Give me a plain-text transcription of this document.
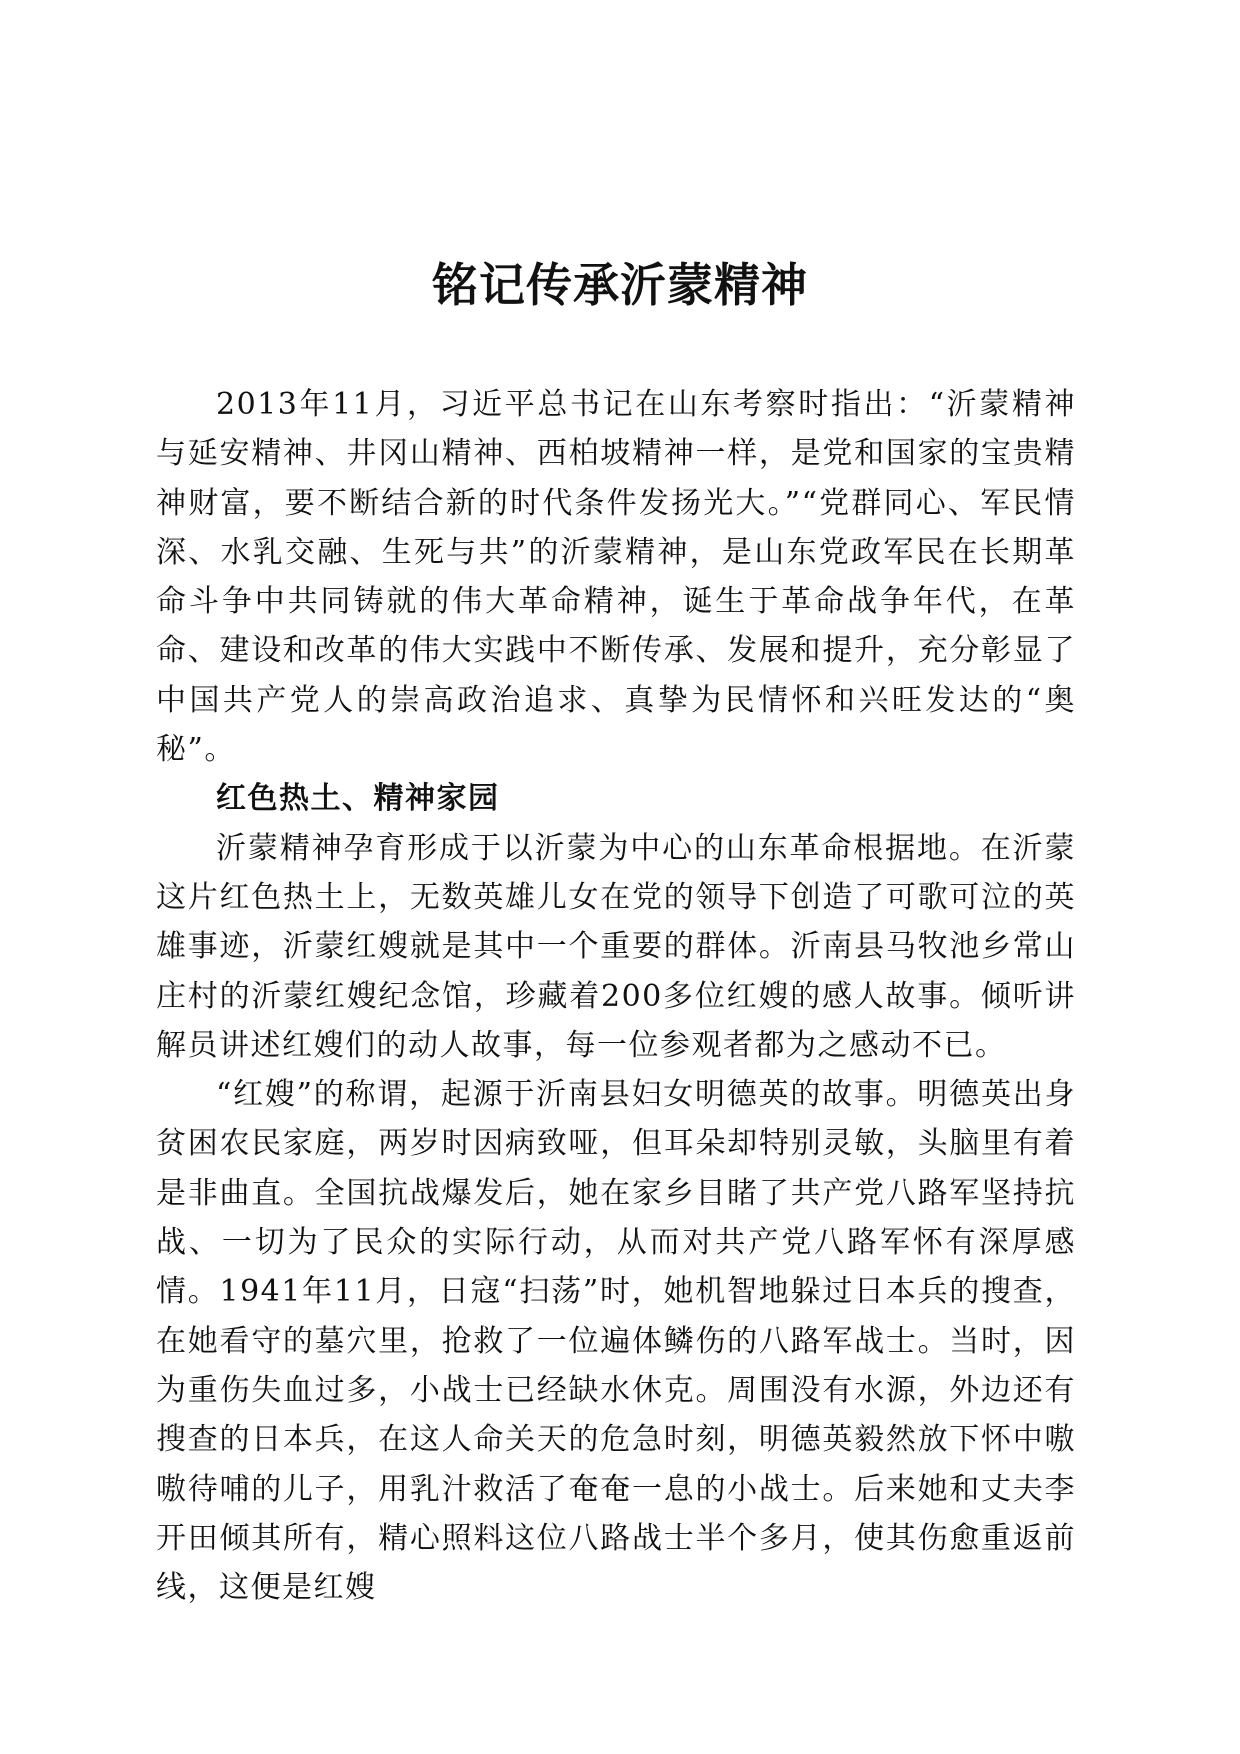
铭记传承沂蒙精神

2013年11月，习近平总书记在山东考察时指出：“沂蒙精神与延安精神、井冈山精神、西柏坡精神一样，是党和国家的宝贵精神财富，要不断结合新的时代条件发扬光大。”“党群同心、军民情深、水乳交融、生死与共”的沂蒙精神，是山东党政军民在长期革命斗争中共同铸就的伟大革命精神，诞生于革命战争年代，在革命、建设和改革的伟大实践中不断传承、发展和提升，充分彰显了中国共产党人的崇高政治追求、真挚为民情怀和兴旺发达的“奥秘”。

红色热土、精神家园

沂蒙精神孕育形成于以沂蒙为中心的山东革命根据地。在沂蒙这片红色热土上，无数英雄儿女在党的领导下创造了可歌可泣的英雄事迹，沂蒙红嫂就是其中一个重要的群体。沂南县马牧池乡常山庄村的沂蒙红嫂纪念馆，珍藏着200多位红嫂的感人故事。倾听讲解员讲述红嫂们的动人故事，每一位参观者都为之感动不已。

“红嫂”的称谓，起源于沂南县妇女明德英的故事。明德英出身贫困农民家庭，两岁时因病致哑，但耳朵却特别灵敏，头脑里有着是非曲直。全国抗战爆发后，她在家乡目睹了共产党八路军坚持抗战、一切为了民众的实际行动，从而对共产党八路军怀有深厚感情。1941年11月，日寇“扫荡”时，她机智地躲过日本兵的搜查，在她看守的墓穴里，抢救了一位遍体鳞伤的八路军战士。当时，因为重伤失血过多，小战士已经缺水休克。周围没有水源，外边还有搜查的日本兵，在这人命关天的危急时刻，明德英毅然放下怀中嗷嗷待哺的儿子，用乳汁救活了奄奄一息的小战士。后来她和丈夫李开田倾其所有，精心照料这位八路战士半个多月，使其伤愈重返前线，这便是红嫂
